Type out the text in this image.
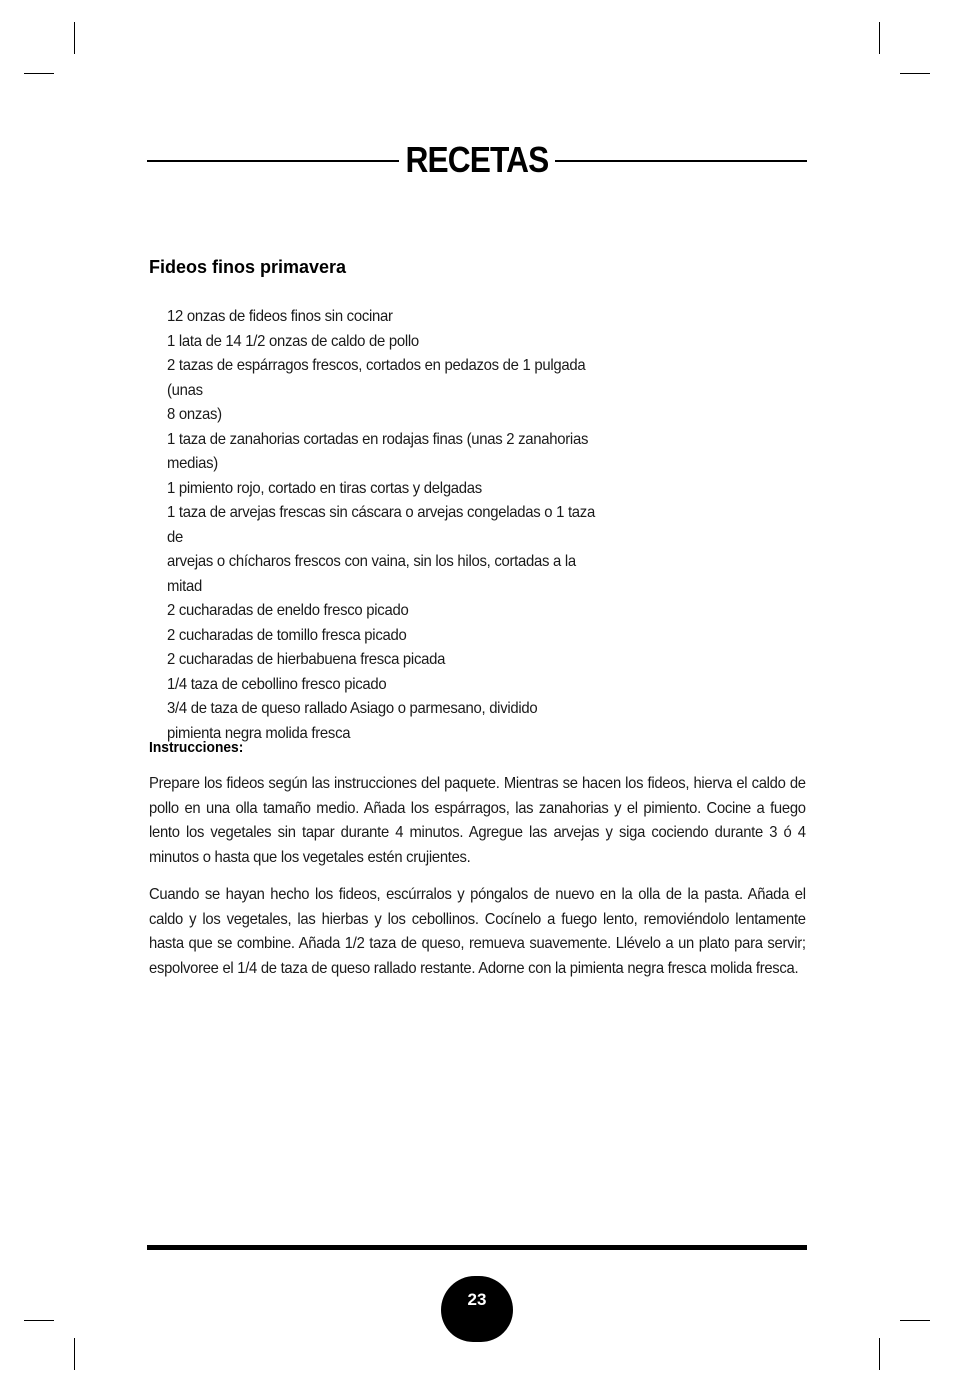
RECETAS
Fideos finos primavera
12 onzas de fideos finos sin cocinar
1 lata de 14 1/2 onzas de caldo de pollo
2 tazas de espárragos frescos, cortados en pedazos de 1 pulgada (unas
8 onzas)
1 taza de zanahorias cortadas en rodajas finas (unas 2 zanahorias
medias)
1 pimiento rojo, cortado en tiras cortas y delgadas
1 taza de arvejas frescas sin cáscara o arvejas congeladas o 1 taza de
arvejas o chícharos frescos con vaina, sin los hilos, cortadas a la
mitad
2 cucharadas de eneldo fresco picado
2 cucharadas de tomillo fresca picado
2 cucharadas de hierbabuena fresca picada
1/4 taza de cebollino fresco picado
3/4 de taza de queso rallado Asiago o parmesano, dividido
pimienta negra molida fresca
Instrucciones:

Prepare los fideos según las instrucciones del paquete. Mientras se hacen los fideos, hierva el caldo de pollo en una olla tamaño medio. Añada los espárragos, las zanahorias y el pimiento. Cocine a fuego lento los vegetales sin tapar durante 4 minutos. Agregue las arvejas y siga cociendo durante 3 ó 4 minutos o hasta que los vegetales estén crujientes.

Cuando se hayan hecho los fideos, escúrralos y póngalos de nuevo en la olla de la pasta. Añada el caldo y los vegetales, las hierbas y los cebollinos. Cocínelo a fuego lento, removiéndolo lentamente hasta que se combine. Añada 1/2 taza de queso, remueva suavemente. Llévelo a un plato para servir; espolvoree el 1/4 de taza de queso rallado restante. Adorne con la pimienta negra fresca molida fresca.

23
